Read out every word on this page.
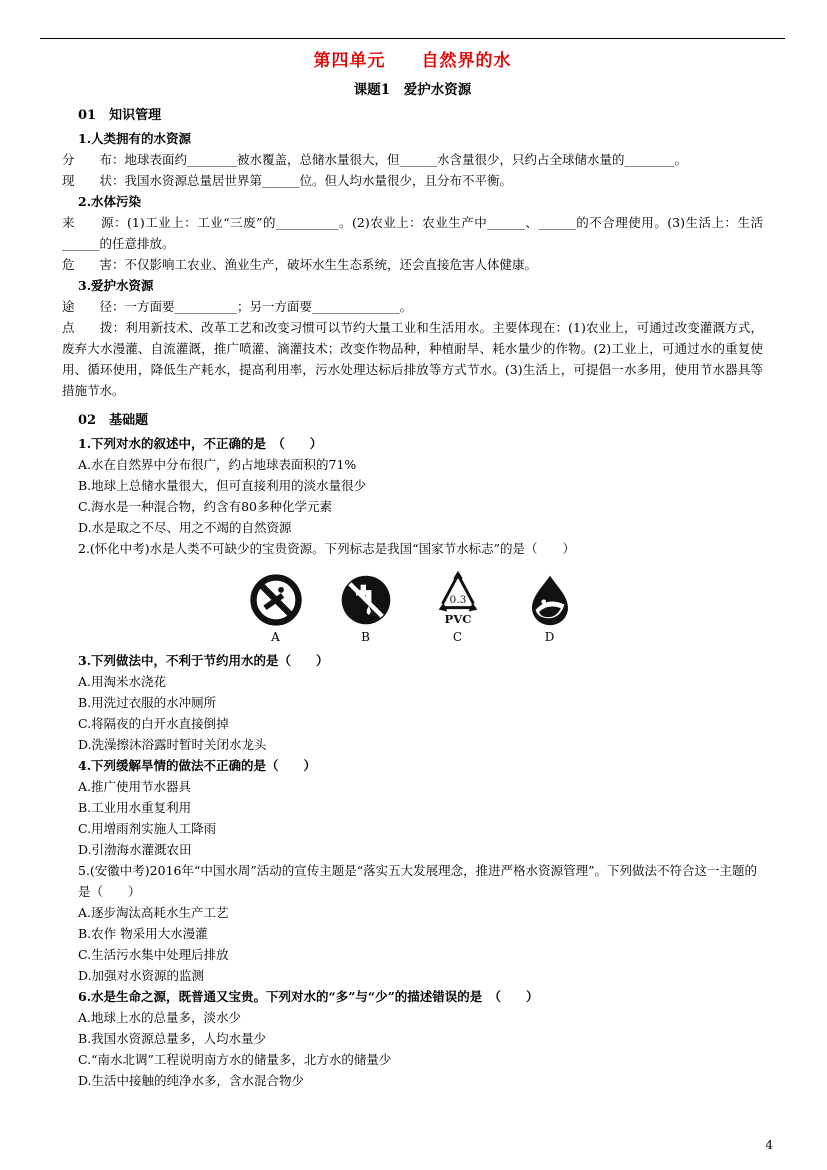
第四单元　　自然界的水
课题1　爱护水资源

01　知识管理

1.人类拥有的水资源

分　　布：地球表面约________被水覆盖，总储水量很大，但______水含量很少，只约占全球储水量的________。

现　　状：我国水资源总量居世界第______位。但人均水量很少，且分布不平衡。

2.水体污染

来　　源：(1)工业上：工业“三废”的__________。(2)农业上：农业生产中______、______的不合理使用。(3)生活上：生活______的任意排放。

危　　害：不仅影响工农业、渔业生产，破坏水生生态系统，还会直接危害人体健康。

3.爱护水资源

途　　径：一方面要__________；另一方面要______________。

点　　拨：利用新技术、改革工艺和改变习惯可以节约大量工业和生活用水。主要体现在：(1)农业上，可通过改变灌溉方式，废弃大水漫灌、自流灌溉，推广喷灌、滴灌技术；改变作物品种，种植耐旱、耗水量少的作物。(2)工业上，可通过水的重复使用、循环使用，降低生产耗水，提高利用率，污水处理达标后排放等方式节水。(3)生活上，可提倡一水多用，使用节水器具等措施节水。

02　基础题

1.下列对水的叙述中，不正确的是　（　　）

A.水在自然界中分布很广，约占地球表面积的71%

B.地球上总储水量很大，但可直接利用的淡水量很少

C.海水是一种混合物，约含有80多种化学元素

D.水是取之不尽、用之不竭的自然资源

2.(怀化中考)水是人类不可缺少的宝贵资源。下列标志是我国“国家节水标志”的是（　　）

A	B
0.3
PVC
C	D

3.下列做法中，不利于节约用水的是（　　）

A.用淘米水浇花

B.用洗过衣服的水冲厕所

C.将隔夜的白开水直接倒掉

D.洗澡擦沐浴露时暂时关闭水龙头

4.下列缓解旱情的做法不正确的是（　　）

A.推广使用节水器具

B.工业用水重复利用

C.用增雨剂实施人工降雨

D.引渤海水灌溉农田

5.(安徽中考)2016年“中国水周”活动的宣传主题是“落实五大发展理念，推进严格水资源管理”。下列做法不符合这一主题的是（　　）

A.逐步淘汰高耗水生产工艺

B.农作 物采用大水漫灌

C.生活污水集中处理后排放

D.加强对水资源的监测

6.水是生命之源，既普通又宝贵。下列对水的“多”与“少”的描述错误的是　（　　）

A.地球上水的总量多，淡水少

B.我国水资源总量多，人均水量少

C.“南水北调”工程说明南方水的储量多，北方水的储量少

D.生活中接触的纯净水多，含水混合物少

4
